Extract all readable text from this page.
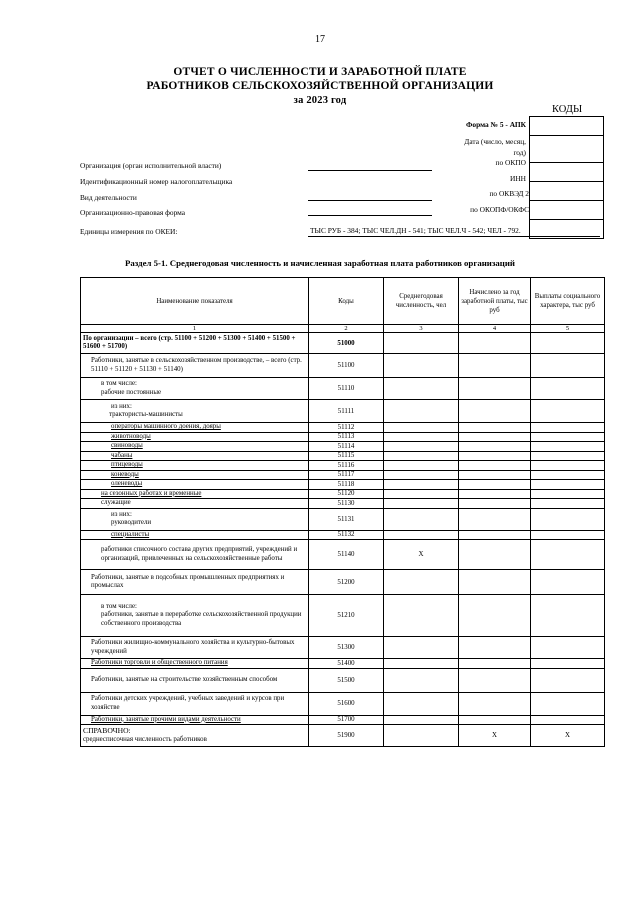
17
ОТЧЕТ О ЧИСЛЕННОСТИ И ЗАРАБОТНОЙ ПЛАТЕ
РАБОТНИКОВ СЕЛЬСКОХОЗЯЙСТВЕННОЙ ОРГАНИЗАЦИИ
за 2023 год
КОДЫ
Форма № 5 - АПК
Дата (число, месяц, год)
Организация (орган исполнительной власти)	по ОКПО
Идентификационный номер налогоплательщика	ИНН
Вид деятельности	по ОКВЭД 2
Организационно-правовая форма	по ОКОПФ/ОКФС
Единицы измерения по ОКЕИ:	ТЫС РУБ - 384; ТЫС ЧЕЛ.ДН - 541; ТЫС ЧЕЛ.Ч - 542; ЧЕЛ - 792.
Раздел 5-1. Среднегодовая численность и начисленная заработная плата работников организаций
Наименование показателя	Коды	Среднегодовая численность, чел	Начислено за год заработной платы, тыс руб	Выплаты социального характера, тыс руб
1	2	3	4	5
По организации – всего (стр. 51100 + 51200 + 51300 + 51400 + 51500 + 51600 + 51700)	51000			
Работники, занятые в сельскохозяйственном производстве, – всего (стр. 51110 + 51120 + 51130 + 51140)	51100			

в том числе:
рабочие постоянные	51110			

из них:
трактористы-машинисты	51111			
операторы машинного доения, дояры	51112			
животноводы	51113			
свиноводы	51114			
чабаны	51115			
птицеводы	51116			
коневоды	51117			
оленеводы	51118			
на сезонных работах и временные	51120			
служащие	51130			

из них:
руководители	51131			
специалисты	51132			
работники списочного состава других предприятий, учреждений и организаций, привлеченных на сельскохозяйственные работы	51140	X		
Работники, занятые в подсобных промышленных предприятиях и промыслах	51200			

в том числе:
работники, занятые в переработке сельскохозяйственной продукции собственного производства	51210			
Работники жилищно-коммунального хозяйства и культурно-бытовых учреждений	51300			
Работники торговли и общественного питания	51400			
Работники, занятые на строительстве хозяйственным способом	51500			
Работники детских учреждений, учебных заведений и курсов при хозяйстве	51600			
Работники, занятые прочими видами деятельности	51700			

СПРАВОЧНО:
среднесписочная численность работников	51900		X	X
